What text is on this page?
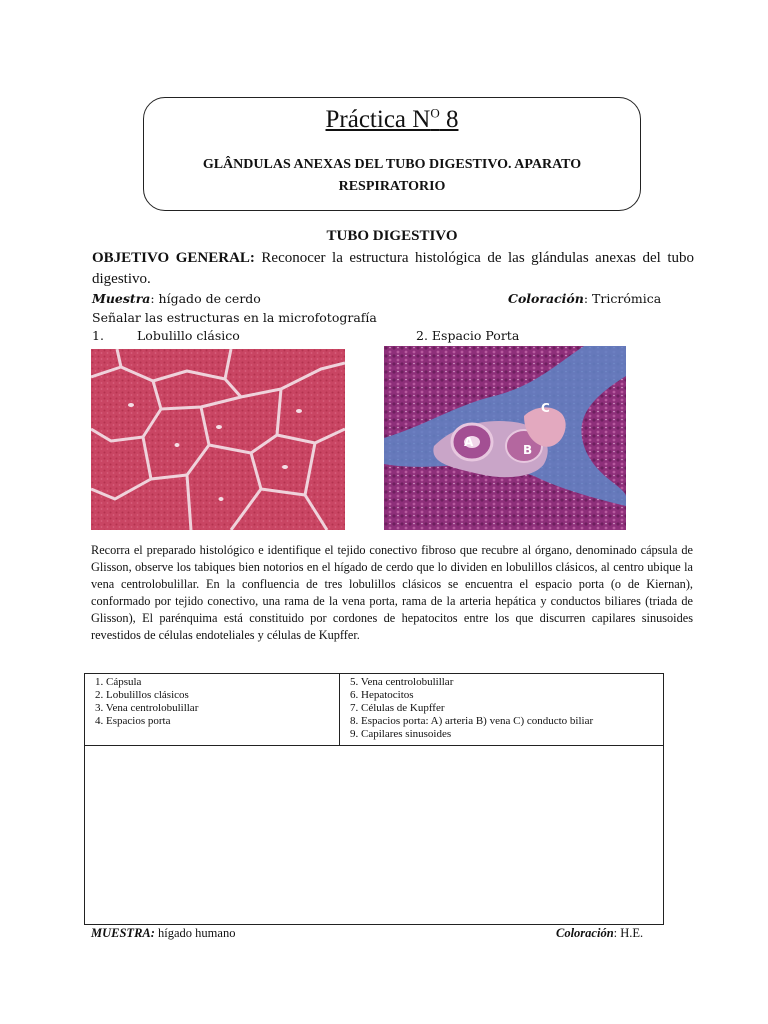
Práctica $N^O$ 8
GLÂNDULAS ANEXAS DEL TUBO DIGESTIVO. APARATO
RESPIRATORIO
TUBO DIGESTIVO
OBJETIVO GENERAL: Reconocer la estructura histológica de las glándulas anexas del tubo digestivo.
Muestra: hígado de cerdo	Coloración: Tricrómica
Señalar las estructuras en la microfotografía
1.	Lobulillo clásico	2. Espacio Porta
A
B
C
Recorra el preparado histológico e identifique el tejido conectivo fibroso que recubre al órgano, denominado cápsula de Glisson, observe los tabiques bien notorios en el hígado de cerdo que lo dividen en lobulillos clásicos, al centro ubique la vena centrolobulillar. En la confluencia de tres lobulillos clásicos se encuentra el espacio porta (o de Kiernan), conformado por tejido conectivo, una rama de la vena porta, rama de la arteria hepática y conductos biliares (triada de Glisson), El parénquima está constituido por cordones de hepatocitos entre los que discurren capilares sinusoides revestidos de células endoteliales y células de Kupffer.
1. Cápsula
2. Lobulillos clásicos
3. Vena centrolobulillar
4. Espacios porta

5. Vena centrolobulillar
6. Hepatocitos
7. Células de Kupffer
8. Espacios porta: A) arteria B) vena C) conducto biliar
9. Capilares sinusoides
MUESTRA: hígado humano	Coloración: H.E.
